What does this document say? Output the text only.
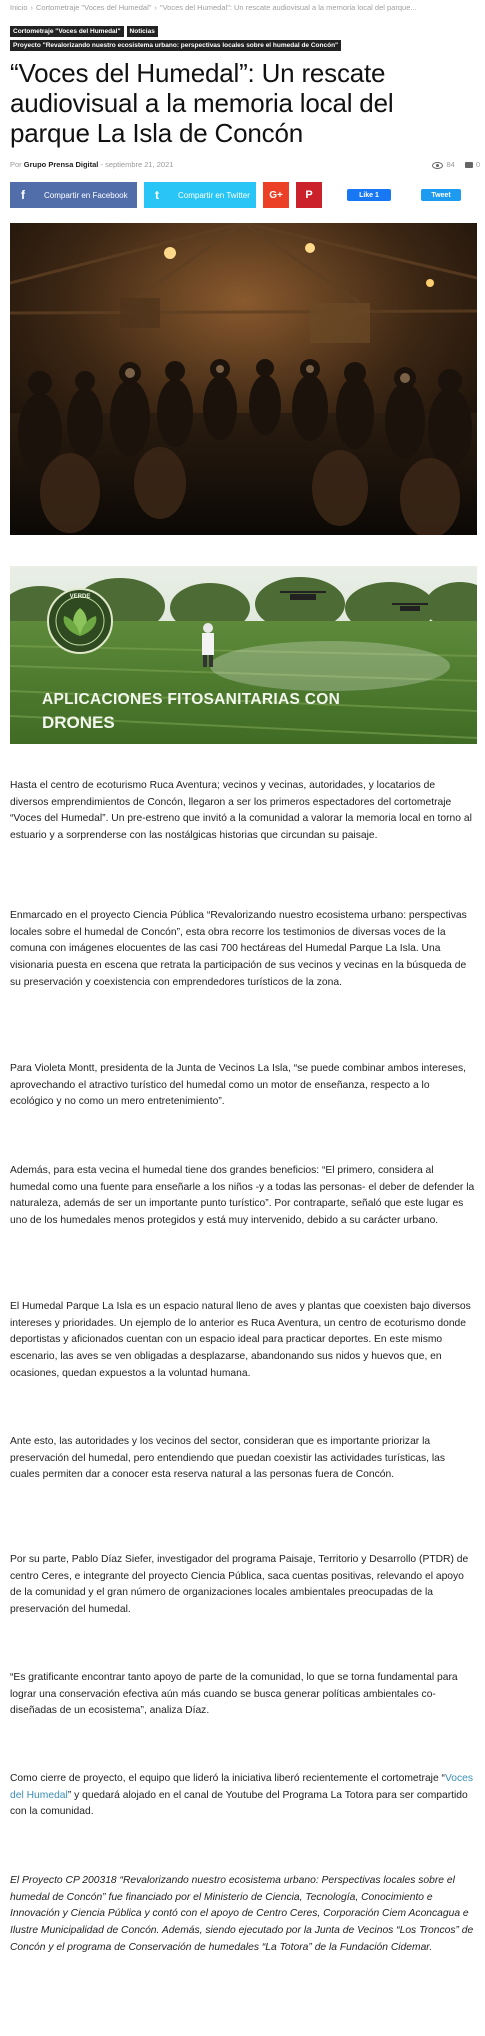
Inicio › Cortometraje "Voces del Humedal" › "Voces del Humedal": Un rescate audiovisual a la memoria local del parque...
Cortometraje "Voces del Humedal" Noticias
Proyecto "Revalorizando nuestro ecosistema urbano: perspectivas locales sobre el humedal de Concón"
“Voces del Humedal”: Un rescate audiovisual a la memoria local del parque La Isla de Concón
Por Grupo Prensa Digital - septiembre 21, 2021	84	0
f	Compartir en Facebook	t	Compartir en Twitter	G+	P	Like 1	Tweet
VERDE
APLICACIONES FITOSANITARIAS CON
DRONES

Hasta el centro de ecoturismo Ruca Aventura; vecinos y vecinas, autoridades, y locatarios de diversos emprendimientos de Concón, llegaron a ser los primeros espectadores del cortometraje “Voces del Humedal”. Un pre-estreno que invitó a la comunidad a valorar la memoria local en torno al estuario y a sorprenderse con las nostálgicas historias que circundan su paisaje.

Enmarcado en el proyecto Ciencia Pública “Revalorizando nuestro ecosistema urbano: perspectivas locales sobre el humedal de Concón”, esta obra recorre los testimonios de diversas voces de la comuna con imágenes elocuentes de las casi 700 hectáreas del Humedal Parque La Isla. Una visionaria puesta en escena que retrata la participación de sus vecinos y vecinas en la búsqueda de su preservación y coexistencia con emprendedores turísticos de la zona.

Para Violeta Montt, presidenta de la Junta de Vecinos La Isla, “se puede combinar ambos intereses, aprovechando el atractivo turístico del humedal como un motor de enseñanza, respecto a lo ecológico y no como un mero entretenimiento”.

Además, para esta vecina el humedal tiene dos grandes beneficios: “El primero, considera al humedal como una fuente para enseñarle a los niños -y a todas las personas- el deber de defender la naturaleza, además de ser un importante punto turístico”. Por contraparte, señaló que este lugar es uno de los humedales menos protegidos y está muy intervenido, debido a su carácter urbano.

El Humedal Parque La Isla es un espacio natural lleno de aves y plantas que coexisten bajo diversos intereses y prioridades. Un ejemplo de lo anterior es Ruca Aventura, un centro de ecoturismo donde deportistas y aficionados cuentan con un espacio ideal para practicar deportes. En este mismo escenario, las aves se ven obligadas a desplazarse, abandonando sus nidos y huevos que, en ocasiones, quedan expuestos a la voluntad humana.

Ante esto, las autoridades y los vecinos del sector, consideran que es importante priorizar la preservación del humedal, pero entendiendo que puedan coexistir las actividades turísticas, las cuales permiten dar a conocer esta reserva natural a las personas fuera de Concón.

Por su parte, Pablo Díaz Siefer, investigador del programa Paisaje, Territorio y Desarrollo (PTDR) de centro Ceres, e integrante del proyecto Ciencia Pública, saca cuentas positivas, relevando el apoyo de la comunidad y el gran número de organizaciones locales ambientales preocupadas de la preservación del humedal.

“Es gratificante encontrar tanto apoyo de parte de la comunidad, lo que se torna fundamental para lograr una conservación efectiva aún más cuando se busca generar políticas ambientales co-diseñadas de un ecosistema”, analiza Díaz.

Como cierre de proyecto, el equipo que lideró la iniciativa liberó recientemente el cortometraje “Voces del Humedal” y quedará alojado en el canal de Youtube del Programa La Totora para ser compartido con la comunidad.

El Proyecto CP 200318 “Revalorizando nuestro ecosistema urbano: Perspectivas locales sobre el humedal de Concón” fue financiado por el Ministerio de Ciencia, Tecnología, Conocimiento e Innovación y Ciencia Pública y contó con el apoyo de Centro Ceres, Corporación Ciem Aconcagua e Ilustre Municipalidad de Concón. Además, siendo ejecutado por la Junta de Vecinos “Los Troncos” de Concón y el programa de Conservación de humedales “La Totora” de la Fundación Cidemar.
